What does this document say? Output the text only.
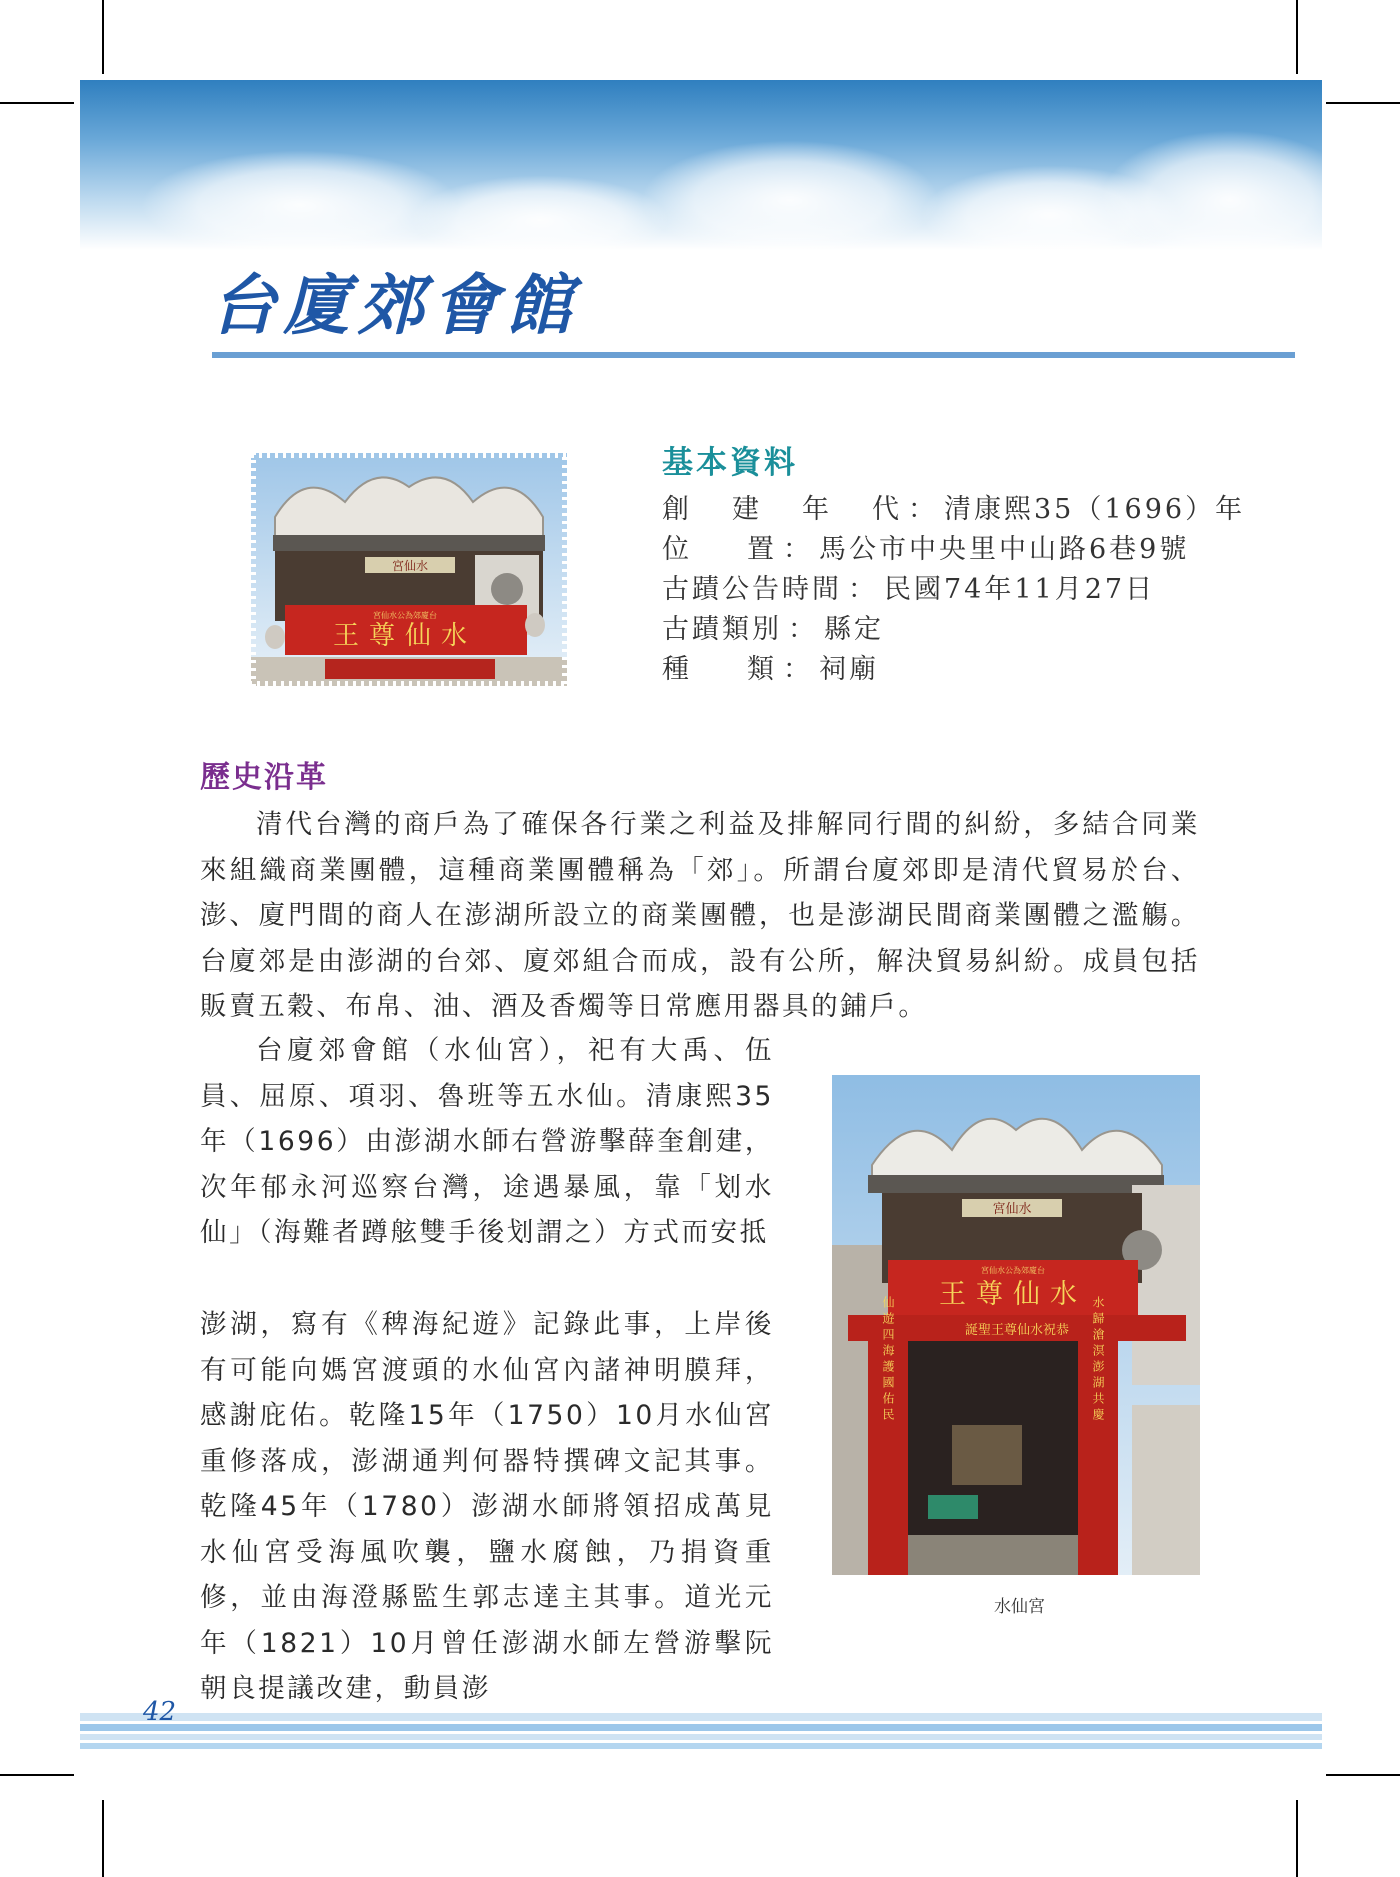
台廈郊會館
宮仙水
宮仙水公為郊廈台
王尊仙水
基本資料
創建年代 ： 清康熙35（1696）年
位置 ： 馬公市中央里中山路6巷9號
古蹟公告時間 ： 民國74年11月27日
古蹟類別 ： 縣定
種類 ： 祠廟
歷史沿革
清代台灣的商戶為了確保各行業之利益及排解同行間的糾紛，多結合同業來組織商業團體，這種商業團體稱為「郊」。所謂台廈郊即是清代貿易於台、澎、廈門間的商人在澎湖所設立的商業團體，也是澎湖民間商業團體之濫觴。台廈郊是由澎湖的台郊、廈郊組合而成，設有公所，解決貿易糾紛。成員包括販賣五穀、布帛、油、酒及香燭等日常應用器具的鋪戶。
台廈郊會館（水仙宮），祀有大禹、伍員、屈原、項羽、魯班等五水仙。清康熙35年（1696）由澎湖水師右營游擊薛奎創建，次年郁永河巡察台灣，途遇暴風，靠「划水仙」（海難者蹲舷雙手後划謂之）方式而安抵
澎湖，寫有《稗海紀遊》記錄此事，上岸後有可能向媽宮渡頭的水仙宮內諸神明膜拜，感謝庇佑。乾隆15年（1750）10月水仙宮重修落成，澎湖通判何器特撰碑文記其事。乾隆45年（1780）澎湖水師將領招成萬見水仙宮受海風吹襲，鹽水腐蝕，乃捐資重修，並由海澄縣監生郭志達主其事。道光元年（1821）10月曾任澎湖水師左營游擊阮朝良提議改建，動員澎
宮仙水
宮仙水公為郊廈台
王尊仙水
誕聖王尊仙水祝恭
仙遊四海護國佑民	水歸滄溟澎湖共慶
水仙宮
42
